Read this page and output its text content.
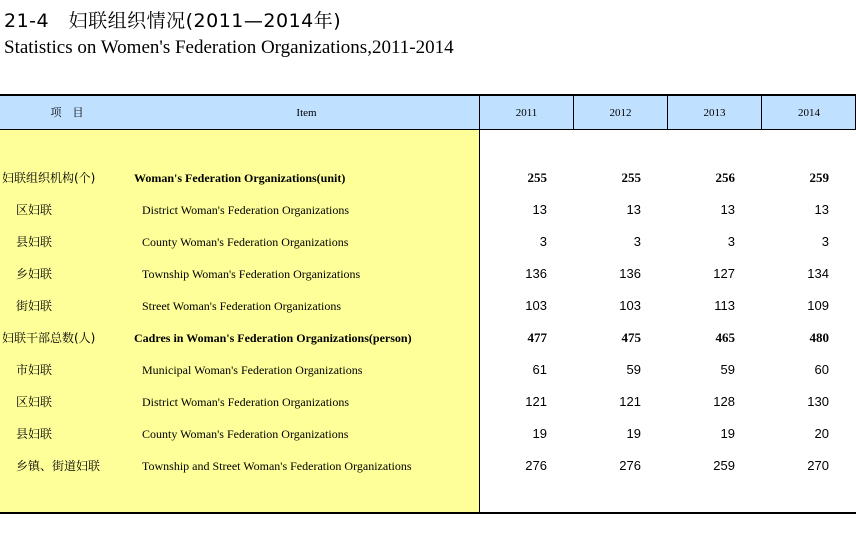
21-4　妇联组织情况(2011—2014年)
Statistics on Women's Federation Organizations,2011-2014
项　目	Item	2011	2012	2013	2014
妇联组织机构(个)	Woman's Federation Organizations(unit)	255	255	256	259
区妇联	District Woman's Federation Organizations	13	13	13	13
县妇联	County Woman's Federation Organizations	3	3	3	3
乡妇联	Township Woman's Federation Organizations	136	136	127	134
街妇联	Street Woman's Federation Organizations	103	103	113	109
妇联干部总数(人)	Cadres in Woman's Federation Organizations(person)	477	475	465	480
市妇联	Municipal Woman's Federation Organizations	61	59	59	60
区妇联	District Woman's Federation Organizations	121	121	128	130
县妇联	County Woman's Federation Organizations	19	19	19	20
乡镇、街道妇联	Township and Street Woman's Federation Organizations	276	276	259	270
